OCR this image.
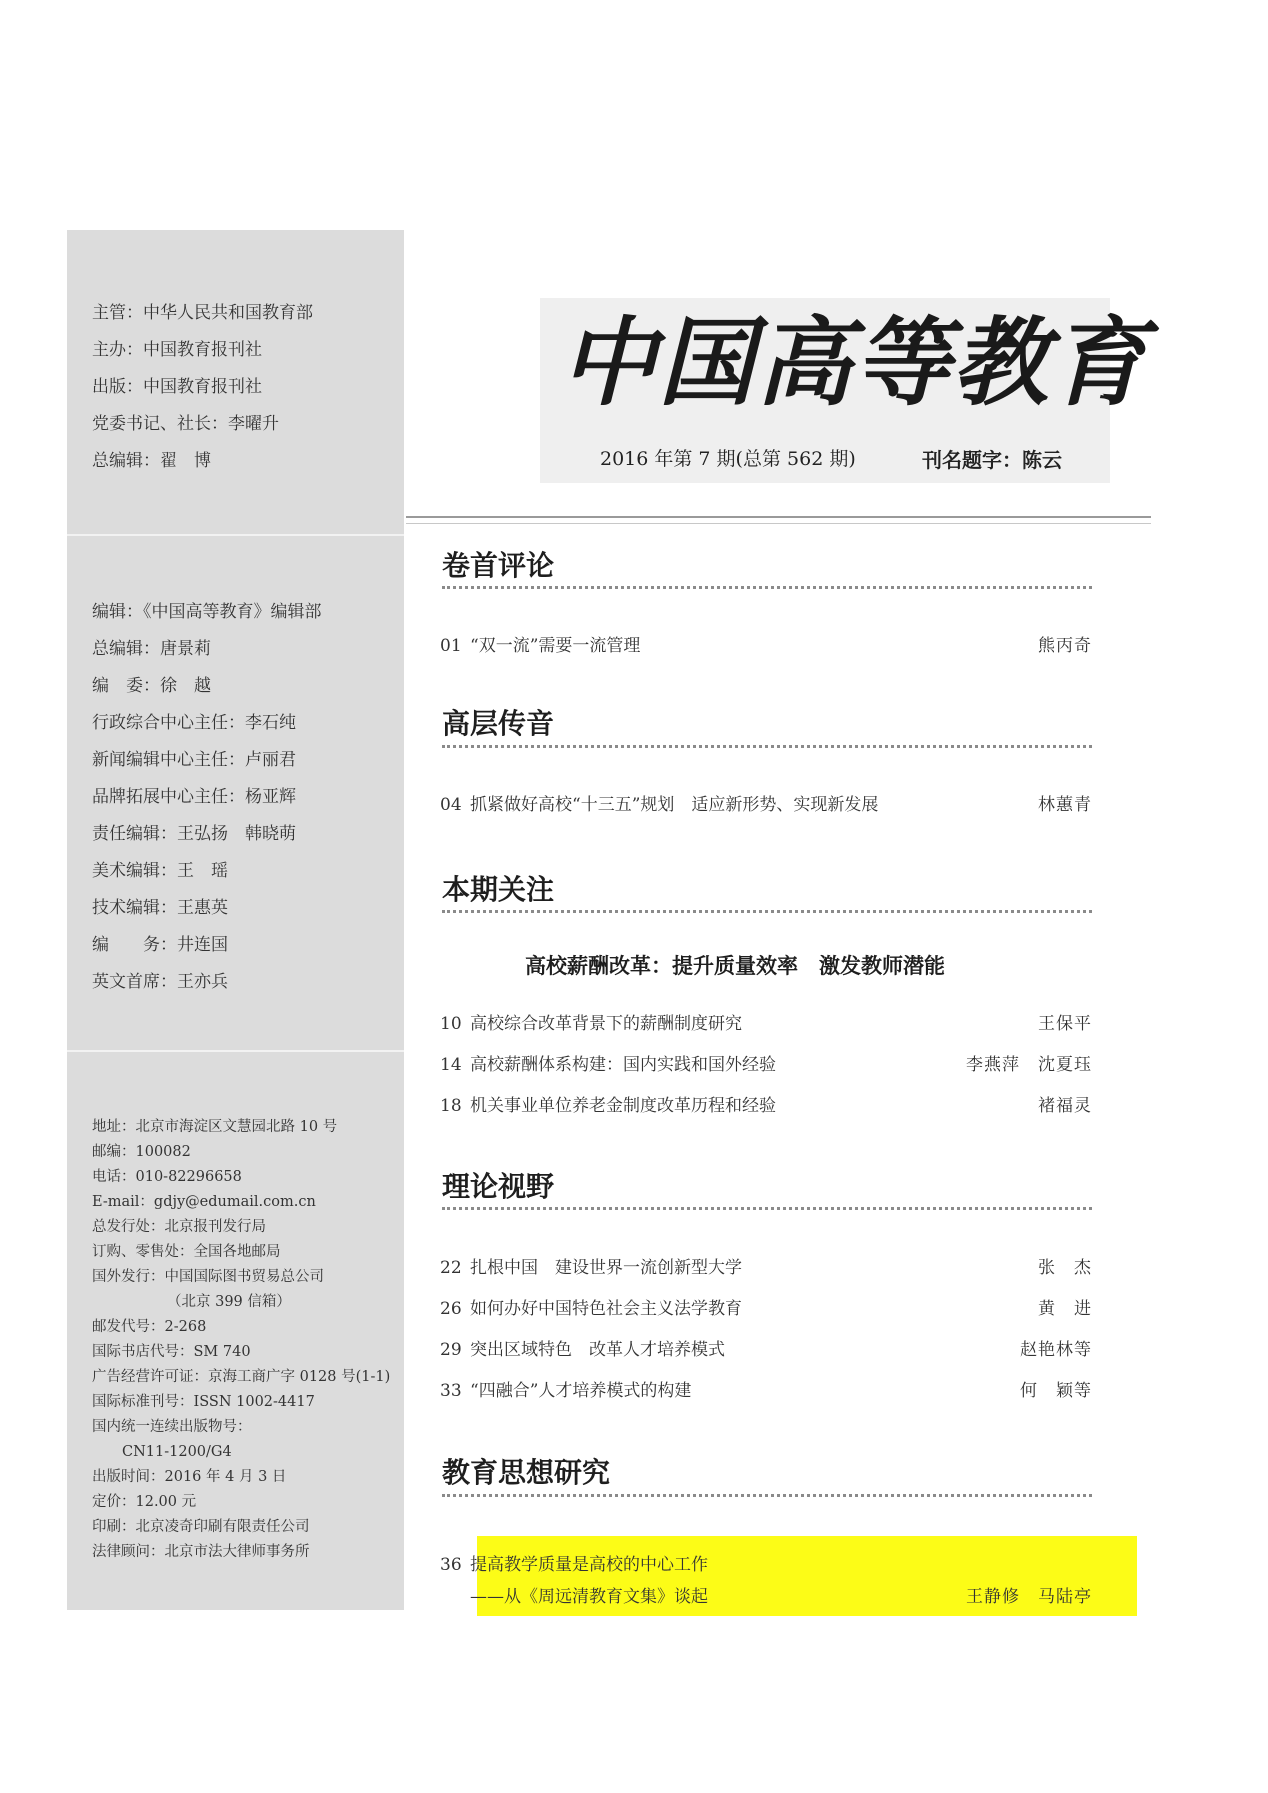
主管：中华人民共和国教育部
主办：中国教育报刊社
出版：中国教育报刊社
党委书记、社长：李曜升
总编辑：翟　博
编辑：《中国高等教育》编辑部
总编辑：唐景莉
编　委：徐　越
行政综合中心主任：李石纯
新闻编辑中心主任：卢丽君
品牌拓展中心主任：杨亚辉
责任编辑：王弘扬　韩晓萌
美术编辑：王　瑶
技术编辑：王惠英
编　　务：井连国
英文首席：王亦兵
地址：北京市海淀区文慧园北路 10 号
邮编：100082
电话：010-82296658
E-mail：gdjy@edumail.com.cn
总发行处：北京报刊发行局
订购、零售处：全国各地邮局
国外发行：中国国际图书贸易总公司
（北京 399 信箱）
邮发代号：2-268
国际书店代号：SM 740
广告经营许可证：京海工商广字 0128 号(1-1)
国际标准刊号：ISSN 1002-4417
国内统一连续出版物号：
CN11-1200/G4
出版时间：2016 年 4 月 3 日
定价：12.00 元
印刷：北京凌奇印刷有限责任公司
法律顾问：北京市法大律师事务所
中国高等教育
2016 年第 7 期(总第 562 期)	刊名题字：陈云
卷首评论
01 “双一流”需要一流管理	熊丙奇
高层传音
04 抓紧做好高校“十三五”规划　适应新形势、实现新发展	林蕙青
本期关注
高校薪酬改革：提升质量效率　激发教师潜能
10 高校综合改革背景下的薪酬制度研究	王保平
14 高校薪酬体系构建：国内实践和国外经验	李燕萍　沈夏珏
18 机关事业单位养老金制度改革历程和经验	褚福灵
理论视野
22 扎根中国　建设世界一流创新型大学	张　杰
26 如何办好中国特色社会主义法学教育	黄　进
29 突出区域特色　改革人才培养模式	赵艳林等
33 “四融合”人才培养模式的构建	何　颖等
教育思想研究
36 提高教学质量是高校的中心工作
——从《周远清教育文集》谈起	王静修　马陆亭
